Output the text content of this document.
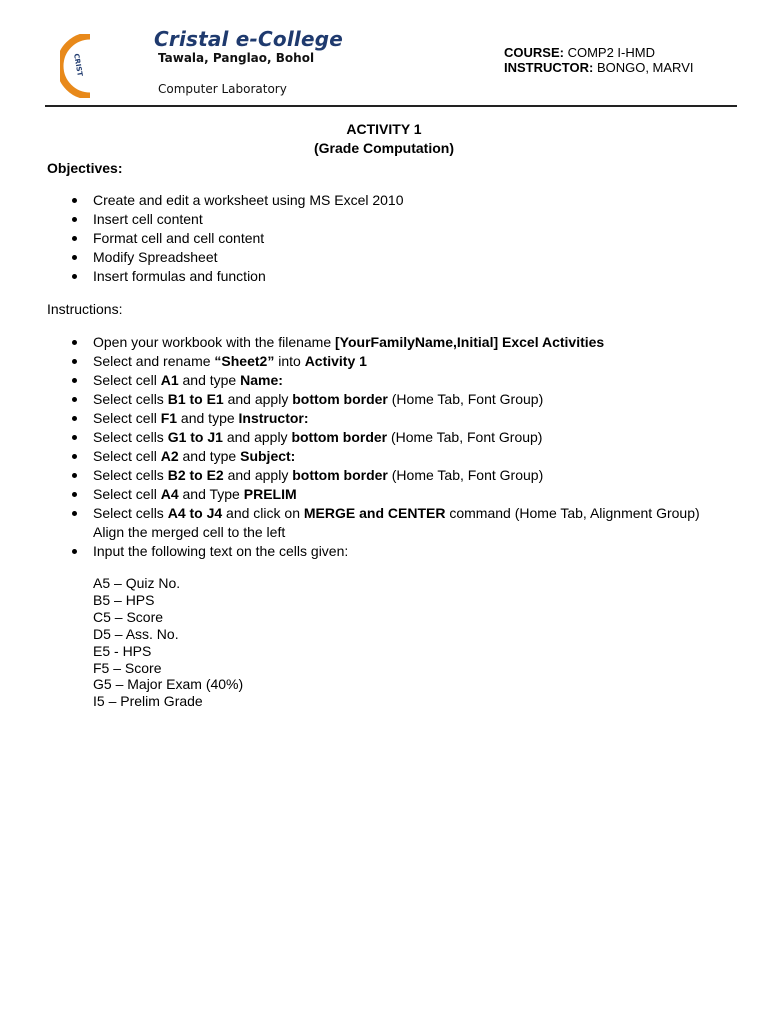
CRIST
Cristal e-College
Tawala, Panglao, Bohol
Computer Laboratory
COURSE: COMP2 I-HMD
INSTRUCTOR: BONGO, MARVI
ACTIVITY 1
(Grade Computation)
Objectives:
Create and edit a worksheet using MS Excel 2010
Insert cell content
Format cell and cell content
Modify Spreadsheet
Insert formulas and function
Instructions:
Open your workbook with the filename [YourFamilyName,Initial] Excel Activities
Select and rename “Sheet2” into Activity 1
Select cell A1 and type Name:
Select cells B1 to E1 and apply bottom border (Home Tab, Font Group)
Select cell F1 and type Instructor:
Select cells G1 to J1 and apply bottom border (Home Tab, Font Group)
Select cell A2 and type Subject:
Select cells B2 to E2 and apply bottom border (Home Tab, Font Group)
Select cell A4 and Type PRELIM
Select cells A4 to J4 and click on MERGE and CENTER command (Home Tab, Alignment Group) Align the merged cell to the left
Input the following text on the cells given:
A5 – Quiz No.
B5 – HPS
C5 – Score
D5 – Ass. No.
E5 - HPS
F5 – Score
G5 – Major Exam (40%)
I5 – Prelim Grade
